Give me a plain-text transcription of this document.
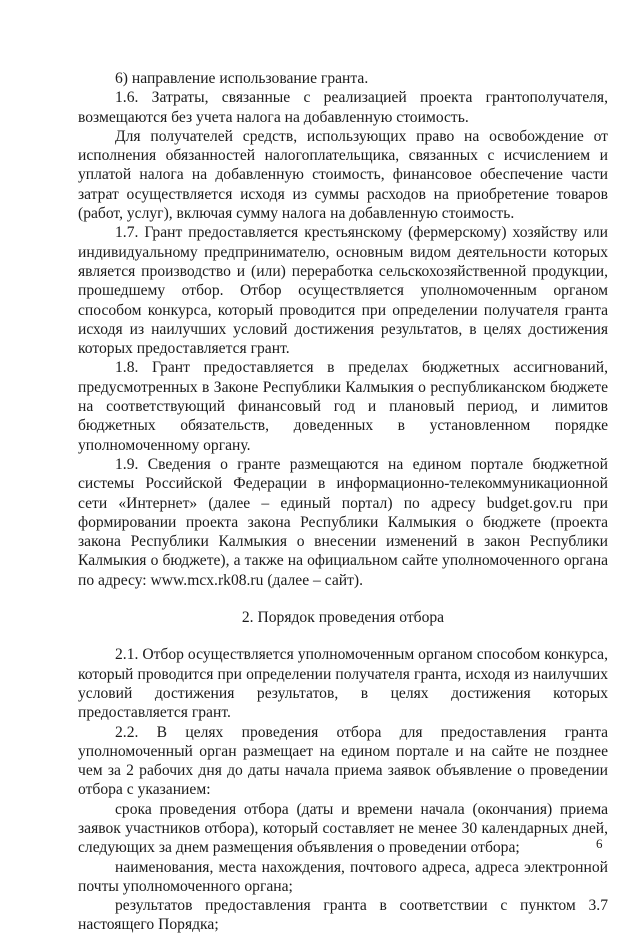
6) направление использование гранта.

1.6. Затраты, связанные с реализацией проекта грантополучателя, возмещаются без учета налога на добавленную стоимость.

Для получателей средств, использующих право на освобождение от исполнения обязанностей налогоплательщика, связанных с исчислением и уплатой налога на добавленную стоимость, финансовое обеспечение части затрат осуществляется исходя из суммы расходов на приобретение товаров (работ, услуг), включая сумму налога на добавленную стоимость.

1.7. Грант предоставляется крестьянскому (фермерскому) хозяйству или индивидуальному предпринимателю, основным видом деятельности которых является производство и (или) переработка сельскохозяйственной продукции, прошедшему отбор. Отбор осуществляется уполномоченным органом способом конкурса, который проводится при определении получателя гранта исходя из наилучших условий достижения результатов, в целях достижения которых предоставляется грант.

1.8. Грант предоставляется в пределах бюджетных ассигнований, предусмотренных в Законе Республики Калмыкия о республиканском бюджете на соответствующий финансовый год и плановый период, и лимитов бюджетных обязательств, доведенных в установленном порядке уполномоченному органу.

1.9. Сведения о гранте размещаются на едином портале бюджетной системы Российской Федерации в информационно-телекоммуникационной сети «Интернет» (далее – единый портал) по адресу budget.gov.ru при формировании проекта закона Республики Калмыкия о бюджете (проекта закона Республики Калмыкия о внесении изменений в закон Республики Калмыкия о бюджете), а также на официальном сайте уполномоченного органа по адресу: www.mcx.rk08.ru (далее – сайт).

2. Порядок проведения отбора

2.1. Отбор осуществляется уполномоченным органом способом конкурса, который проводится при определении получателя гранта, исходя из наилучших условий достижения результатов, в целях достижения которых предоставляется грант.

2.2. В целях проведения отбора для предоставления гранта уполномоченный орган размещает на едином портале и на сайте не позднее чем за 2 рабочих дня до даты начала приема заявок объявление о проведении отбора с указанием:

срока проведения отбора (даты и времени начала (окончания) приема заявок участников отбора), который составляет не менее 30 календарных дней, следующих за днем размещения объявления о проведении отбора;

наименования, места нахождения, почтового адреса, адреса электронной почты уполномоченного органа;

результатов предоставления гранта в соответствии с пунктом 3.7 настоящего Порядка;

6
